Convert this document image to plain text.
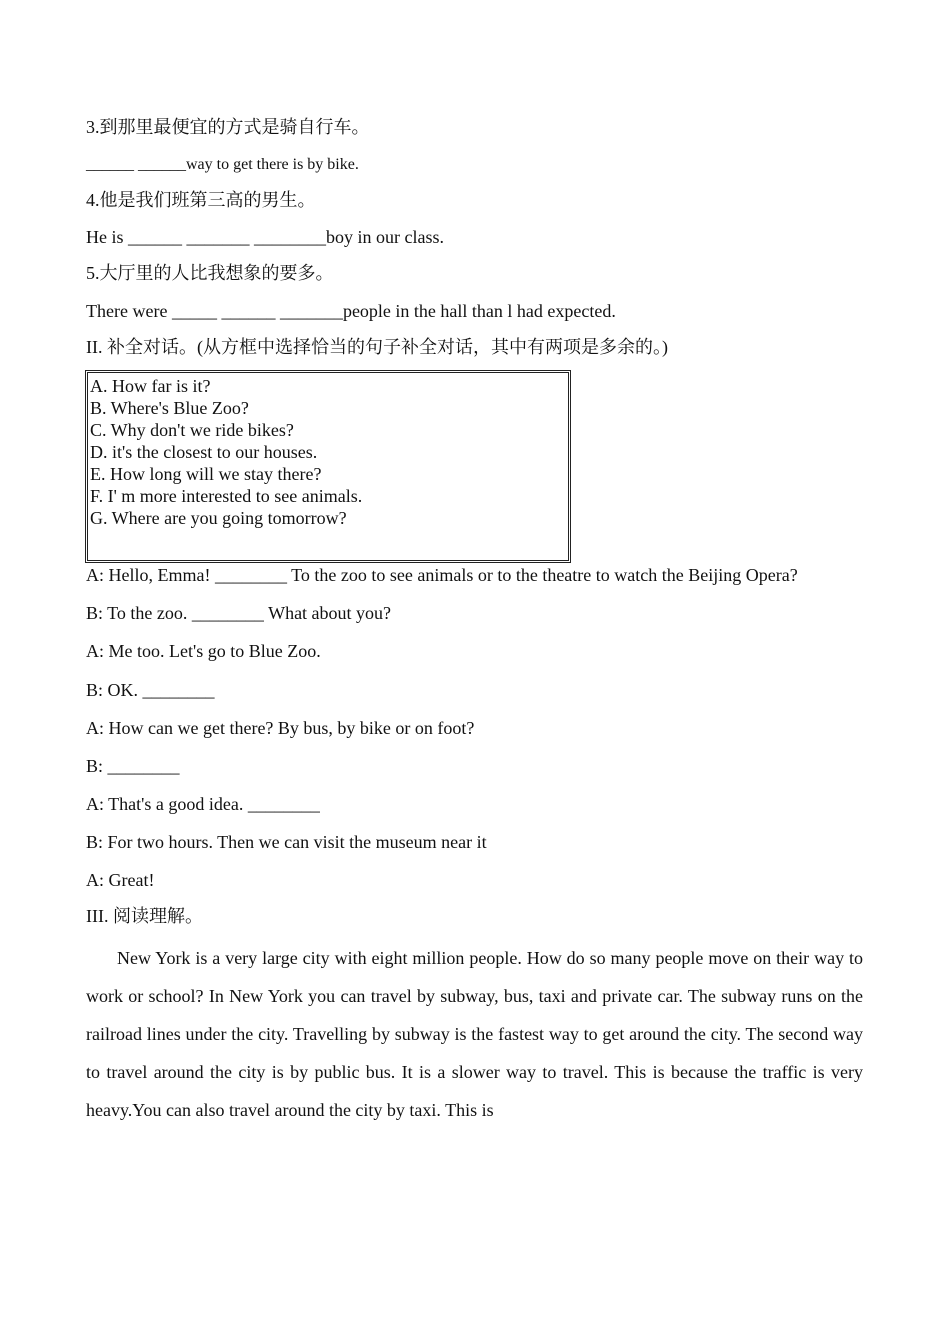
3.到那里最便宜的方式是骑自行车。
______ ______way to get there is by bike.
4.他是我们班第三高的男生。
He is ______ _______ ________boy in our class.
5.大厅里的人比我想象的要多。
There were _____ ______ _______people in the hall than l had expected.
II. 补全对话。(从方框中选择恰当的句子补全对话，其中有两项是多余的。)
A. How far is it?
B. Where's Blue Zoo?
C. Why don't we ride bikes?
D. it's the closest to our houses.
E. How long will we stay there?
F. I' m more interested to see animals.
G. Where are you going tomorrow?
A: Hello, Emma! ________ To the zoo to see animals or to the theatre to watch the Beijing Opera?
B: To the zoo. ________ What about you?
A: Me too. Let's go to Blue Zoo.
B: OK. ________
A: How can we get there? By bus, by bike or on foot?
B: ________
A: That's a good idea. ________
B: For two hours. Then we can visit the museum near it
A: Great!
III. 阅读理解。
New York is a very large city with eight million people. How do so many people move on their way to work or school? In New York you can travel by subway, bus, taxi and private car. The subway runs on the railroad lines under the city. Travelling by subway is the fastest way to get around the city. The second way to travel around the city is by public bus. It is a slower way to travel. This is because the traffic is very heavy.You can also travel around the city by taxi. This is
